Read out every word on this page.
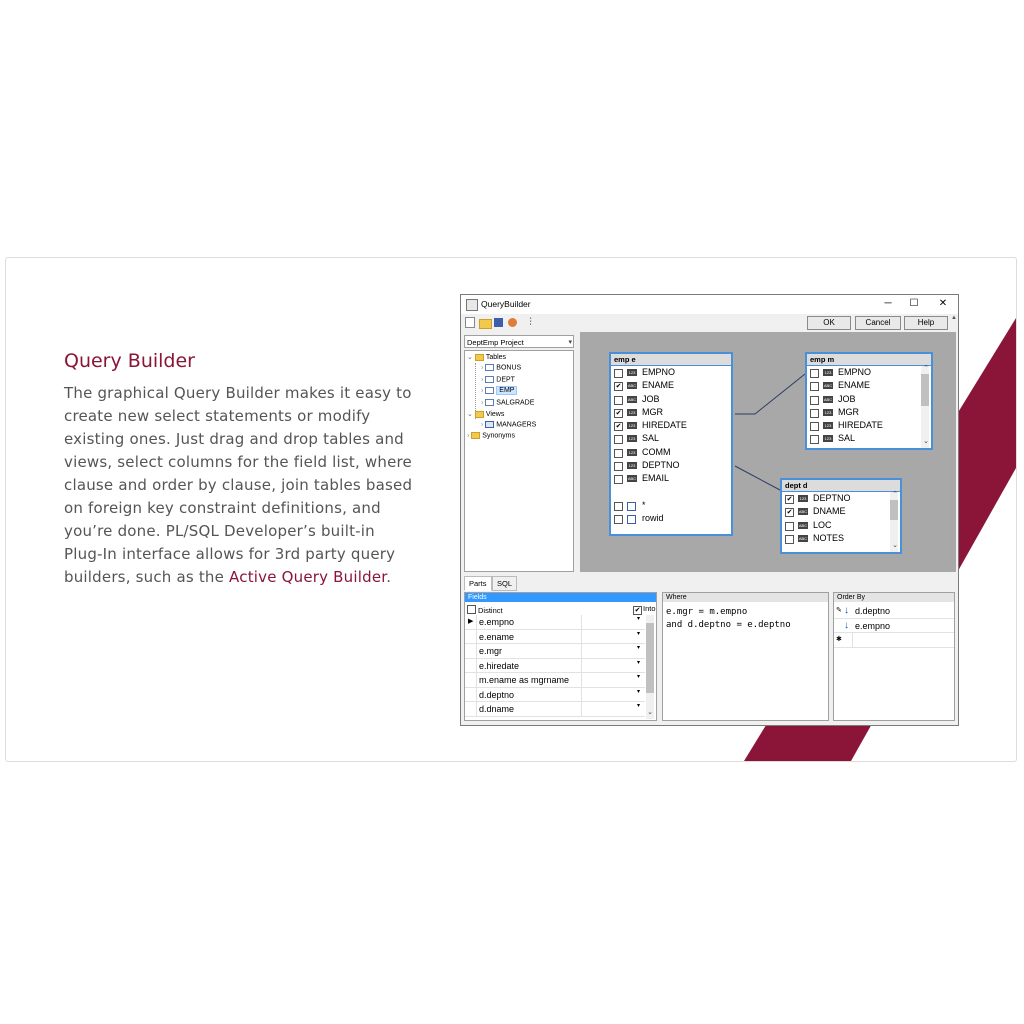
Query Builder

The graphical Query Builder makes it easy to create new select statements or modify existing ones. Just drag and drop tables and views, select columns for the field list, where clause and order by clause, join tables based on foreign key constraint definitions, and you’re done. PL/SQL Developer’s built-in Plug-In interface allows for 3rd party query builders, such as the Active Query Builder.

QueryBuilder	─	☐	✕
⫶	OK	Cancel	Help	▲
DeptEmp Project	▾
⌄ Tables
› BONUS
› DEPT
› EMP
› SALGRADE
⌄ Views
› MANAGERS
› Synonyms
emp e
123 EMPNO
✔	ABC ENAME
ABC JOB
✔	123 MGR
✔	123 HIREDATE
123 SAL
123 COMM
123 DEPTNO
ABC EMAIL
*
rowid
emp m
123 EMPNO
ABC ENAME
ABC JOB
123 MGR
123 HIREDATE
123 SAL
⌃
⌄
dept d
✔	123 DEPTNO
✔	ABC DNAME
ABC LOC
ABC NOTES
⌃
⌄
Parts	SQL
Fields
Distinct	✔ Into
▶ e.empno	▾
e.ename	▾
e.mgr	▾
e.hiredate	▾
m.ename as mgrname	▾
d.deptno	▾
d.dname	▾
⌄
Where
e.mgr = m.empno
and d.deptno = e.deptno
Order By
✎ ↓ d.deptno
↓ e.empno
✱
